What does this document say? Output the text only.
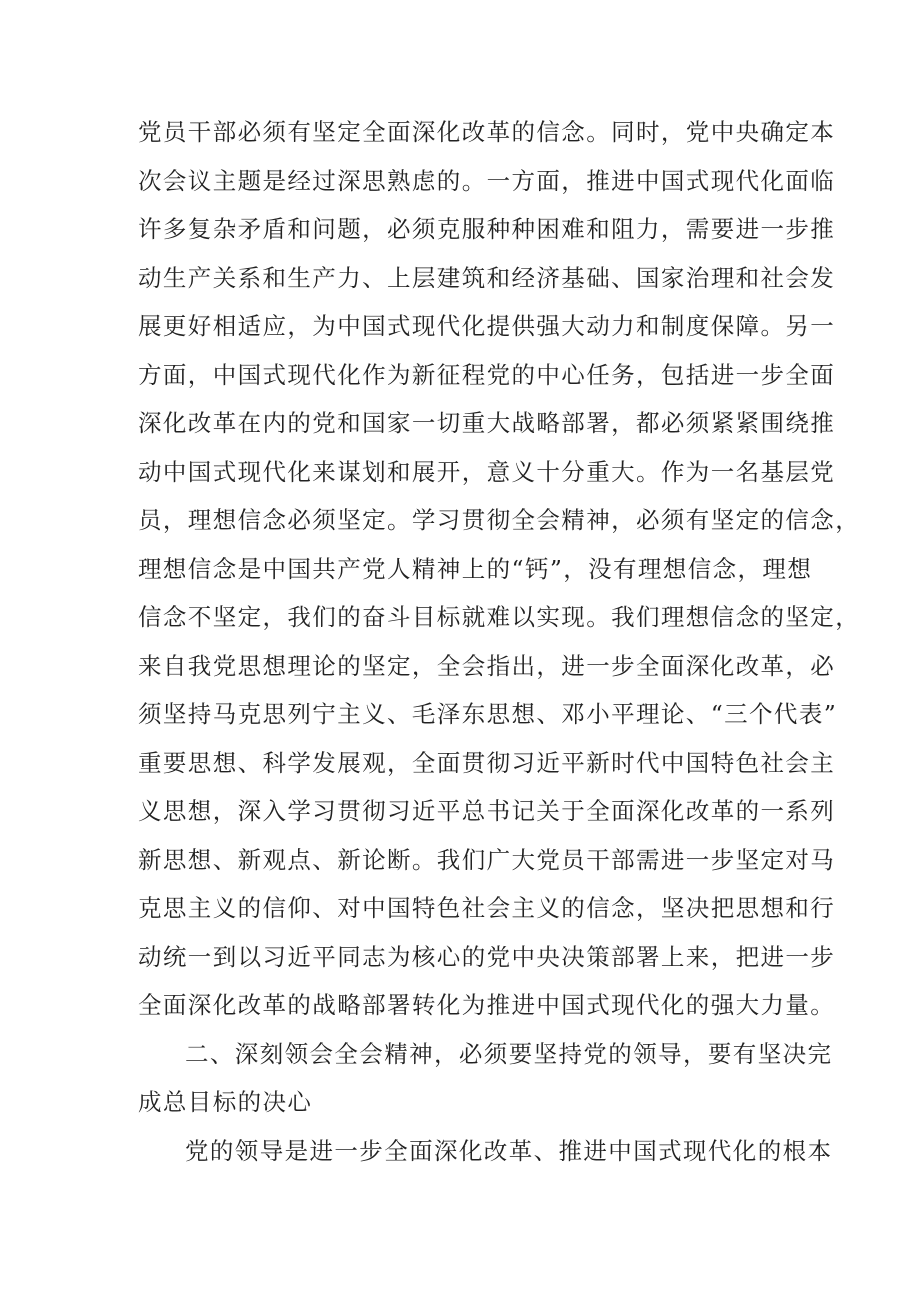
党员干部必须有坚定全面深化改革的信念。同时，党中央确定本
次会议主题是经过深思熟虑的。一方面，推进中国式现代化面临
许多复杂矛盾和问题，必须克服种种困难和阻力，需要进一步推
动生产关系和生产力、上层建筑和经济基础、国家治理和社会发
展更好相适应，为中国式现代化提供强大动力和制度保障。另一
方面，中国式现代化作为新征程党的中心任务，包括进一步全面
深化改革在内的党和国家一切重大战略部署，都必须紧紧围绕推
动中国式现代化来谋划和展开，意义十分重大。作为一名基层党
员，理想信念必须坚定。学习贯彻全会精神，必须有坚定的信念，
理想信念是中国共产党人精神上的“钙”，没有理想信念，理想
信念不坚定，我们的奋斗目标就难以实现。我们理想信念的坚定，
来自我党思想理论的坚定，全会指出，进一步全面深化改革，必
须坚持马克思列宁主义、毛泽东思想、邓小平理论、“三个代表”
重要思想、科学发展观，全面贯彻习近平新时代中国特色社会主
义思想，深入学习贯彻习近平总书记关于全面深化改革的一系列
新思想、新观点、新论断。我们广大党员干部需进一步坚定对马
克思主义的信仰、对中国特色社会主义的信念，坚决把思想和行
动统一到以习近平同志为核心的党中央决策部署上来，把进一步
全面深化改革的战略部署转化为推进中国式现代化的强大力量。
二、深刻领会全会精神，必须要坚持党的领导，要有坚决完
成总目标的决心
党的领导是进一步全面深化改革、推进中国式现代化的根本
